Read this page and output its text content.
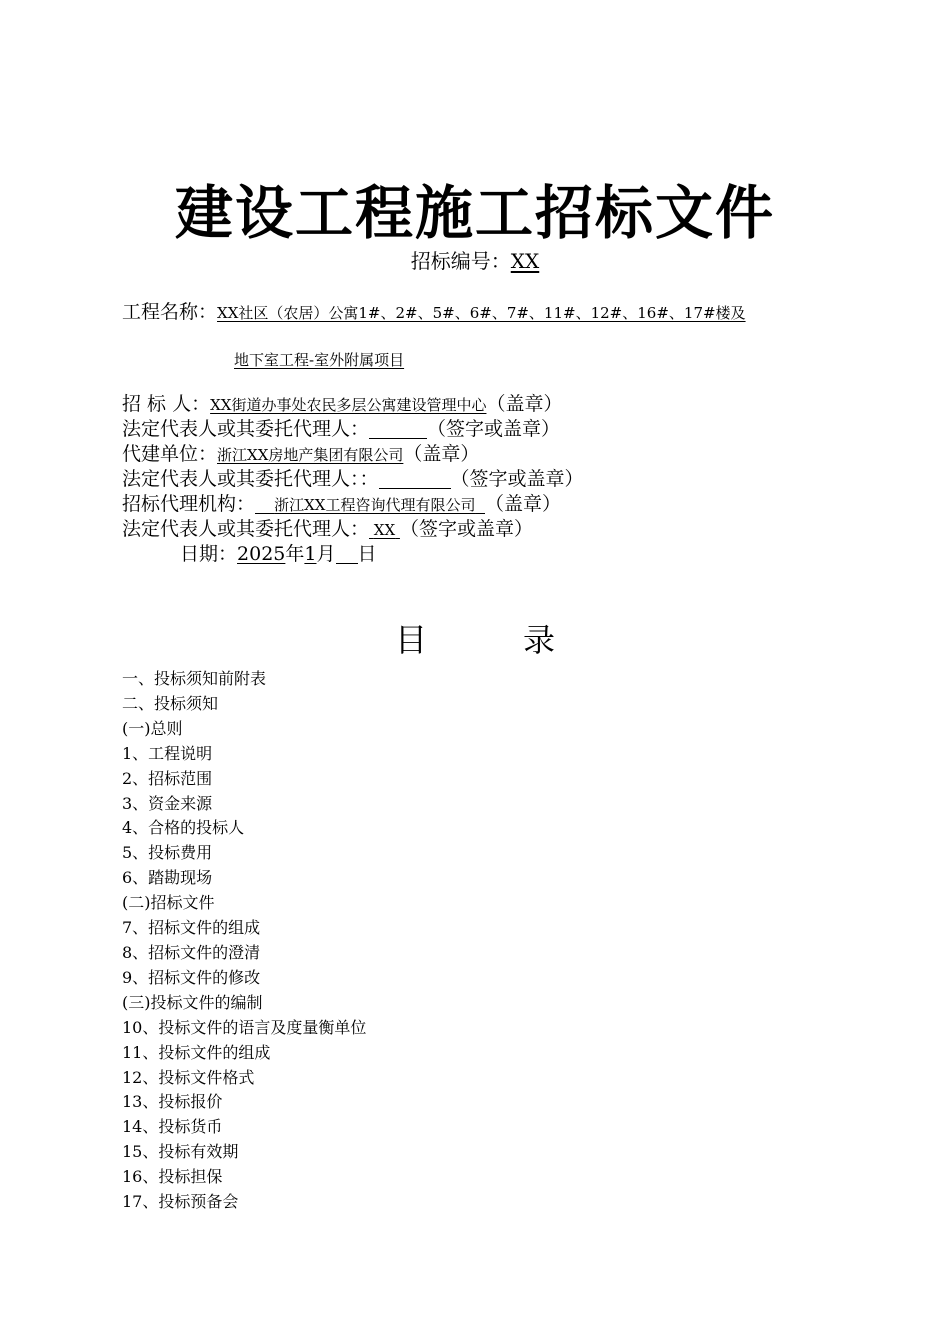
建设工程施工招标文件
招标编号：XX
工程名称：XX社区（农居）公寓1#、2#、5#、6#、7#、11#、12#、16#、17#楼及
地下室工程-室外附属项目
招 标 人：XX街道办事处农民多层公寓建设管理中心（盖章）
法定代表人或其委托代理人：	（签字或盖章）
代建单位：浙江XX房地产集团有限公司（盖章）
法定代表人或其委托代理人：：	（签字或盖章）
招标代理机构： 浙江XX工程咨询代理有限公司 （盖章）
法定代表人或其委托代理人： XX （签字或盖章）
日期：2025年1月 日
目　　　录
一、投标须知前附表
二、投标须知
(一)总则
1、工程说明
2、招标范围
3、资金来源
4、合格的投标人
5、投标费用
6、踏勘现场
(二)招标文件
7、招标文件的组成
8、招标文件的澄清
9、招标文件的修改
(三)投标文件的编制
10、投标文件的语言及度量衡单位
11、投标文件的组成
12、投标文件格式
13、投标报价
14、投标货币
15、投标有效期
16、投标担保
17、投标预备会
